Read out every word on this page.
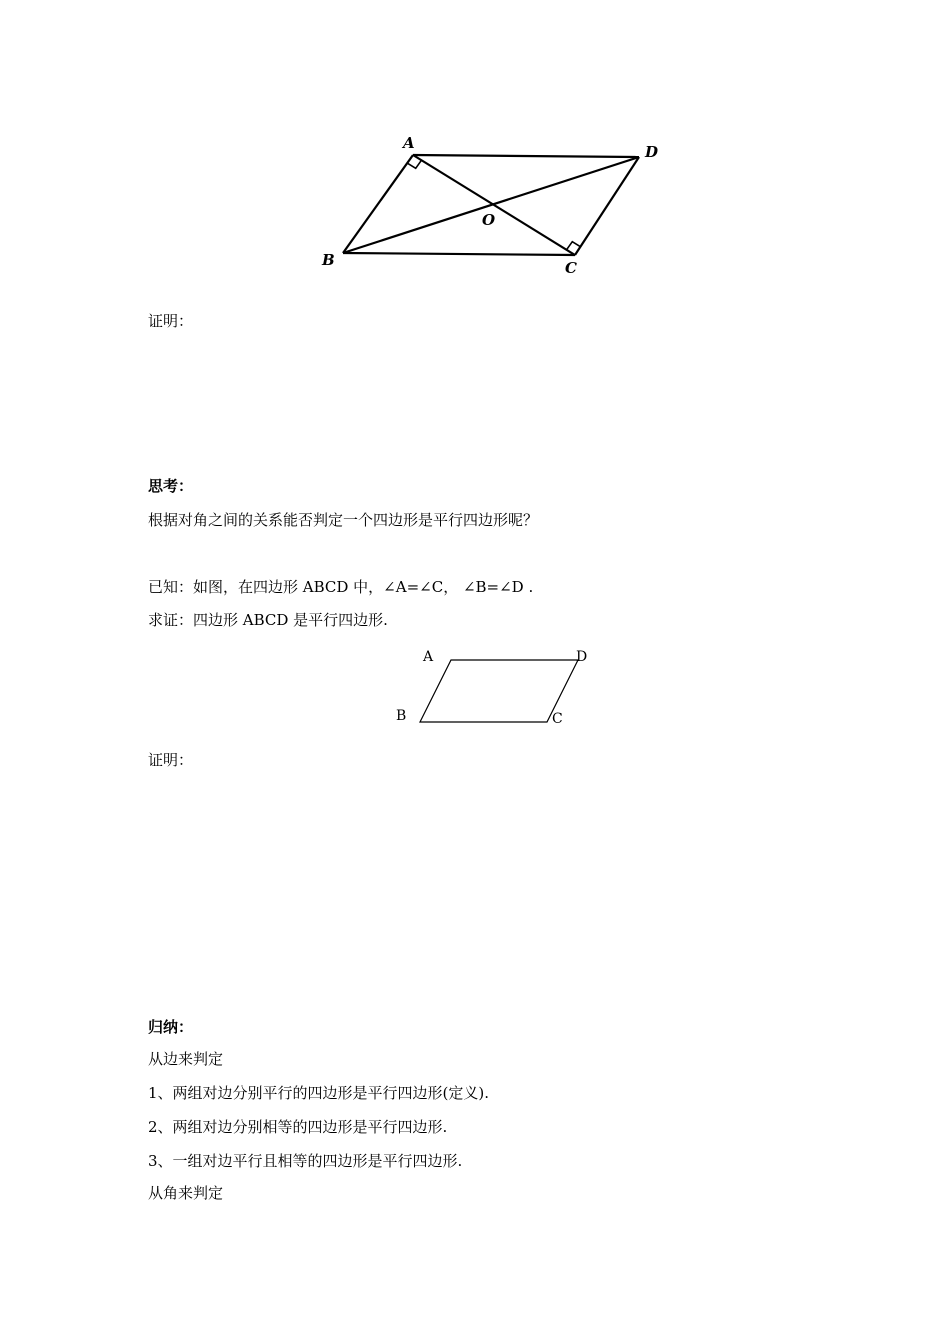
A	D
O
B	C
证明：
思考：
根据对角之间的关系能否判定一个四边形是平行四边形呢？
已知：如图，在四边形 ABCD 中，∠A=∠C， ∠B=∠D .
求证：四边形 ABCD 是平行四边形.
A	D
B	C
证明：
归纳：
从边来判定
1、两组对边分别平行的四边形是平行四边形(定义).
2、两组对边分别相等的四边形是平行四边形.
3、一组对边平行且相等的四边形是平行四边形.
从角来判定
